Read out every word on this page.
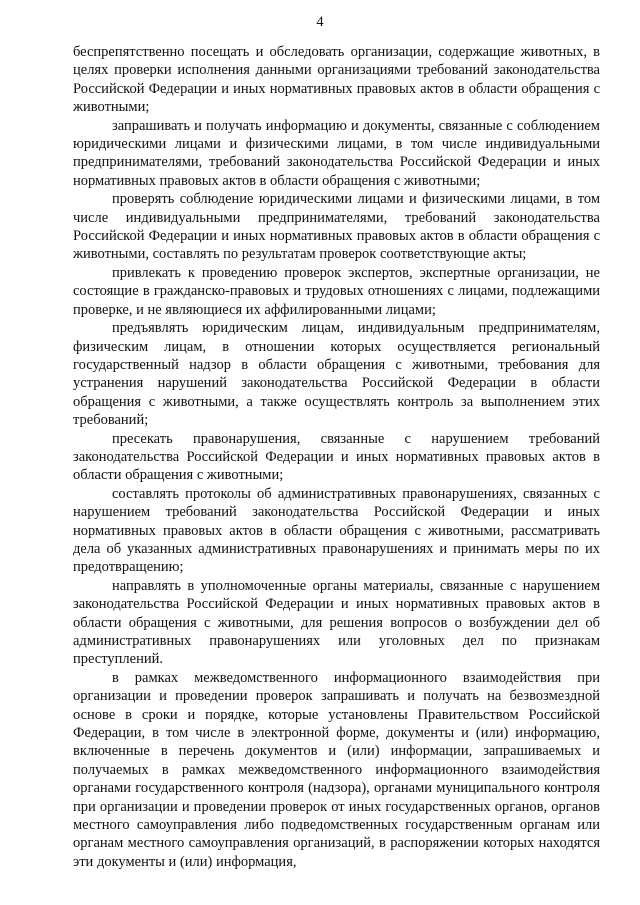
4

беспрепятственно посещать и обследовать организации, содержащие животных, в целях проверки исполнения данными организациями требований законодательства Российской Федерации и иных нормативных правовых актов в области обращения с животными;

запрашивать и получать информацию и документы, связанные с соблюдением юридическими лицами и физическими лицами, в том числе индивидуальными предпринимателями, требований законодательства Российской Федерации и иных нормативных правовых актов в области обращения с животными;

проверять соблюдение юридическими лицами и физическими лицами, в том числе индивидуальными предпринимателями, требований законодательства Российской Федерации и иных нормативных правовых актов в области обращения с животными, составлять по результатам проверок соответствующие акты;

привлекать к проведению проверок экспертов, экспертные организации, не состоящие в гражданско-правовых и трудовых отношениях с лицами, подлежащими проверке, и не являющиеся их аффилированными лицами;

предъявлять юридическим лицам, индивидуальным предпринимателям, физическим лицам, в отношении которых осуществляется региональный государственный надзор в области обращения с животными, требования для устранения нарушений законодательства Российской Федерации в области обращения с животными, а также осуществлять контроль за выполнением этих требований;

пресекать правонарушения, связанные с нарушением требований законодательства Российской Федерации и иных нормативных правовых актов в области обращения с животными;

составлять протоколы об административных правонарушениях, связанных с нарушением требований законодательства Российской Федерации и иных нормативных правовых актов в области обращения с животными, рассматривать дела об указанных административных правонарушениях и принимать меры по их предотвращению;

направлять в уполномоченные органы материалы, связанные с нарушением законодательства Российской Федерации и иных нормативных правовых актов в области обращения с животными, для решения вопросов о возбуждении дел об административных правонарушениях или уголовных дел по признакам преступлений.

в рамках межведомственного информационного взаимодействия при организации и проведении проверок запрашивать и получать на безвозмездной основе в сроки и порядке, которые установлены Правительством Российской Федерации, в том числе в электронной форме, документы и (или) информацию, включенные в перечень документов и (или) информации, запрашиваемых и получаемых в рамках межведомственного информационного взаимодействия органами государственного контроля (надзора), органами муниципального контроля при организации и проведении проверок от иных государственных органов, органов местного самоуправления либо подведомственных государственным органам или органам местного самоуправления организаций, в распоряжении которых находятся эти документы и (или) информация,
